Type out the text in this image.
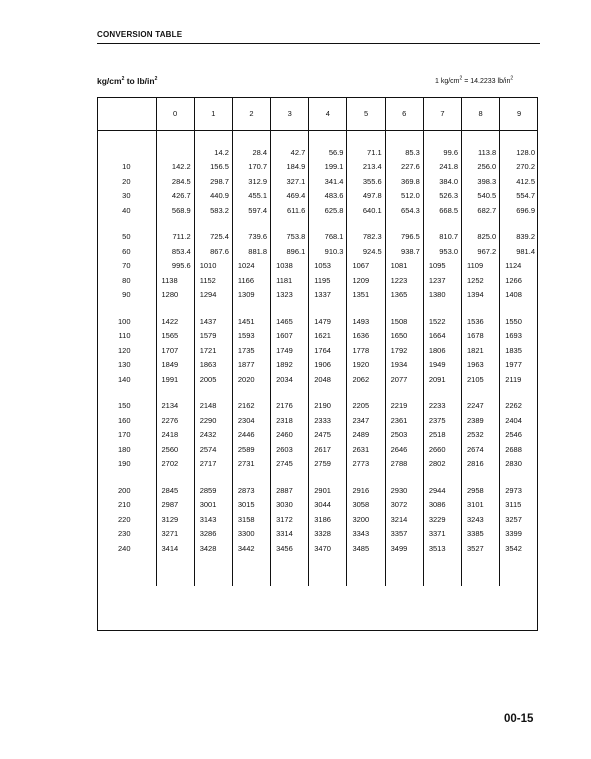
CONVERSION TABLE
$kg/cm^2$ to $lb/in^2$	1 $kg/cm^2 = 14.2233$ $lb/in^2$
	0	1	2	3	4	5	6	7	8	9

		14.2	28.4	42.7	56.9	71.1	85.3	99.6	113.8	128.0
10	142.2	156.5	170.7	184.9	199.1	213.4	227.6	241.8	256.0	270.2
20	284.5	298.7	312.9	327.1	341.4	355.6	369.8	384.0	398.3	412.5
30	426.7	440.9	455.1	469.4	483.6	497.8	512.0	526.3	540.5	554.7
40	568.9	583.2	597.4	611.6	625.8	640.1	654.3	668.5	682.7	696.9

50	711.2	725.4	739.6	753.8	768.1	782.3	796.5	810.7	825.0	839.2
60	853.4	867.6	881.8	896.1	910.3	924.5	938.7	953.0	967.2	981.4
70	995.6	1010	1024	1038	1053	1067	1081	1095	1109	1124
80	1138	1152	1166	1181	1195	1209	1223	1237	1252	1266
90	1280	1294	1309	1323	1337	1351	1365	1380	1394	1408

100	1422	1437	1451	1465	1479	1493	1508	1522	1536	1550
110	1565	1579	1593	1607	1621	1636	1650	1664	1678	1693
120	1707	1721	1735	1749	1764	1778	1792	1806	1821	1835
130	1849	1863	1877	1892	1906	1920	1934	1949	1963	1977
140	1991	2005	2020	2034	2048	2062	2077	2091	2105	2119

150	2134	2148	2162	2176	2190	2205	2219	2233	2247	2262
160	2276	2290	2304	2318	2333	2347	2361	2375	2389	2404
170	2418	2432	2446	2460	2475	2489	2503	2518	2532	2546
180	2560	2574	2589	2603	2617	2631	2646	2660	2674	2688
190	2702	2717	2731	2745	2759	2773	2788	2802	2816	2830

200	2845	2859	2873	2887	2901	2916	2930	2944	2958	2973
210	2987	3001	3015	3030	3044	3058	3072	3086	3101	3115
220	3129	3143	3158	3172	3186	3200	3214	3229	3243	3257
230	3271	3286	3300	3314	3328	3343	3357	3371	3385	3399
240	3414	3428	3442	3456	3470	3485	3499	3513	3527	3542

00-15
